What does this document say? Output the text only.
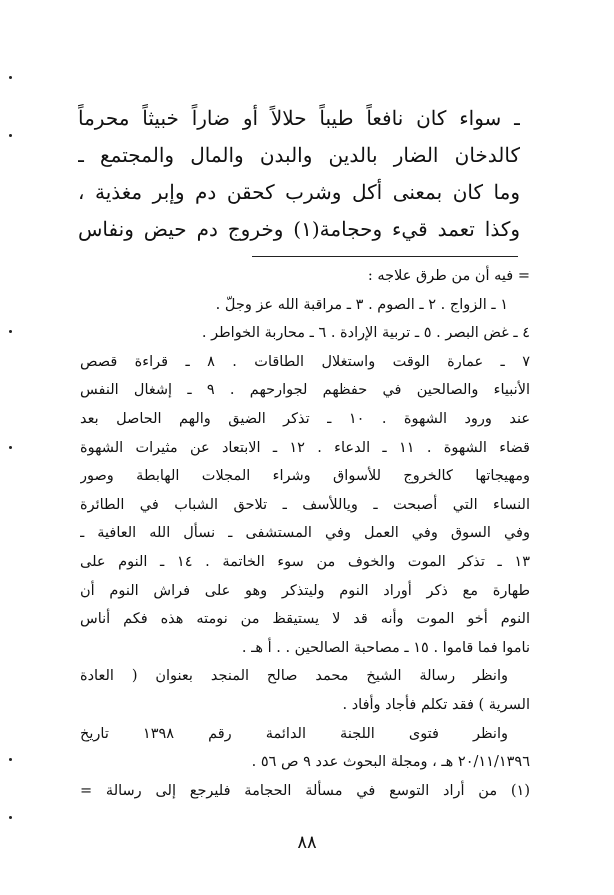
ـ سواء كان نافعاً طيباً حلالاً أو ضاراً خبيثاً محرماً
كالدخان الضار بالدين والبدن والمال والمجتمع ـ
وما كان بمعنى أكل وشرب كحقن دم وإبر مغذية ،
وكذا تعمد قيء وحجامة(١) وخروج دم حيض ونفاس
= فيه أن من طرق علاجه :
١ ـ الزواج . ٢ ـ الصوم . ٣ ـ مراقبة الله عز وجلّ .
٤ ـ غض البصر . ٥ ـ تربية الإرادة . ٦ ـ محاربة الخواطر .
٧ ـ عمارة الوقت واستغلال الطاقات . ٨ ـ قراءة قصص
الأنبياء والصالحين في حفظهم لجوارحهم . ٩ ـ إشغال النفس
عند ورود الشهوة . ١٠ ـ تذكر الضيق والهم الحاصل بعد
قضاء الشهوة . ١١ ـ الدعاء . ١٢ ـ الابتعاد عن مثيرات الشهوة
ومهيجاتها كالخروج للأسواق وشراء المجلات الهابطة وصور
النساء التي أصبحت ـ وياللأسف ـ تلاحق الشباب في الطائرة
وفي السوق وفي العمل وفي المستشفى ـ نسأل الله العافية ـ
١٣ ـ تذكر الموت والخوف من سوء الخاتمة . ١٤ ـ النوم على
طهارة مع ذكر أوراد النوم وليتذكر وهو على فراش النوم أن
النوم أخو الموت وأنه قد لا يستيقظ من نومته هذه فكم أناس
ناموا فما قاموا . ١٥ ـ مصاحبة الصالحين . . أ هـ .
وانظر رسالة الشيخ محمد صالح المنجد بعنوان ( العادة
السرية ) فقد تكلم فأجاد وأفاد .
وانظر فتوى اللجنة الدائمة رقم ١٣٩٨ تاريخ
٢٠/١١/١٣٩٦ هـ ، ومجلة البحوث عدد ٩ ص ٥٦ .
(١) من أراد التوسع في مسألة الحجامة فليرجع إلى رسالة =
٨٨
